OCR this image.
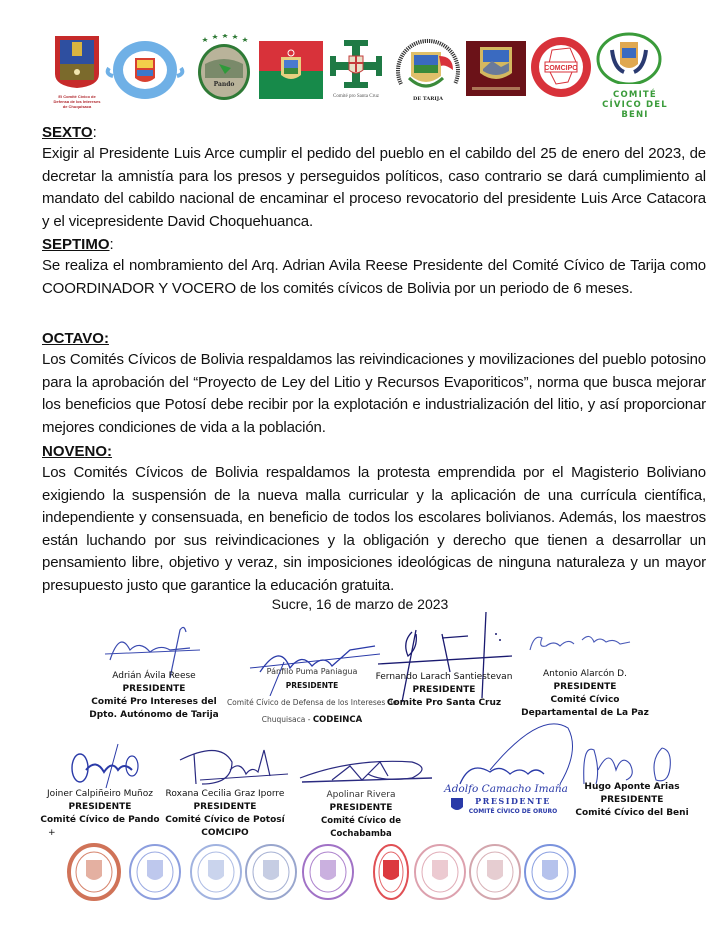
El Comité Cívico de Defensa de los Intereses de Chuquisaca
Pando
Comité pro Santa Cruz	DE TARIJA
COMCIPO
COMITÉ CÍVICO DEL BENI
SEXTO:

Exigir al Presidente Luis Arce cumplir el pedido del pueblo en el cabildo del 25 de enero del 2023, de decretar la amnistía para los presos y perseguidos políticos, caso contrario se dará cumplimiento al mandato del cabildo nacional de encaminar el proceso revocatorio del presidente Luis Arce Catacora y el vicepresidente David Choquehuanca.

SEPTIMO:

Se realiza el nombramiento del Arq. Adrian Avila Reese Presidente del Comité Cívico de Tarija como COORDINADOR Y VOCERO de los comités cívicos de Bolivia por un periodo de 6 meses.

OCTAVO:

Los Comités Cívicos de Bolivia respaldamos las reivindicaciones y movilizaciones del pueblo potosino para la aprobación del “Proyecto de Ley del Litio y Recursos Evaporiticos”, norma que busca mejorar los beneficios que Potosí debe recibir por la explotación e industrialización del litio, y así proporcionar mejores condiciones de vida a la población.

NOVENO:

Los Comités Cívicos de Bolivia respaldamos la protesta emprendida por el Magisterio Boliviano exigiendo la suspensión de la nueva malla curricular y la aplicación de una currícula científica, independiente y consensuada, en beneficio de todos los escolares bolivianos. Además, los maestros están luchando por sus reivindicaciones y la obligación y derecho que tienen a desarrollar un pensamiento libre, objetivo y veraz, sin imposiciones ideológicas de ninguna naturaleza y un mayor presupuesto justo que garantice la educación gratuita.

Sucre, 16 de marzo de 2023
Adrián Ávila Reese
PRESIDENTE
Comité Pro Intereses del
Dpto. Autónomo de Tarija
Pánfilo Puma Paniagua
PRESIDENTE
Comité Cívico de Defensa de los Intereses de
Chuquisaca - CODEINCA
Fernando Larach Santiestevan
PRESIDENTE
Comite Pro Santa Cruz
Antonio Alarcón D.
PRESIDENTE
Comité Cívico
Departamental de La Paz
Joiner Calpiñeiro Muñoz
PRESIDENTE
Comité Cívico de Pando
+
Roxana Cecilia Graz Iporre
PRESIDENTE
Comité Cívico de Potosí
COMCIPO
Apolinar Rivera
PRESIDENTE
Comité Cívico de Cochabamba
Adolfo Camacho Imaña
PRESIDENTE
COMITÉ CÍVICO DE ORURO
Hugo Aponte Arias
PRESIDENTE
Comité Cívico del Beni
